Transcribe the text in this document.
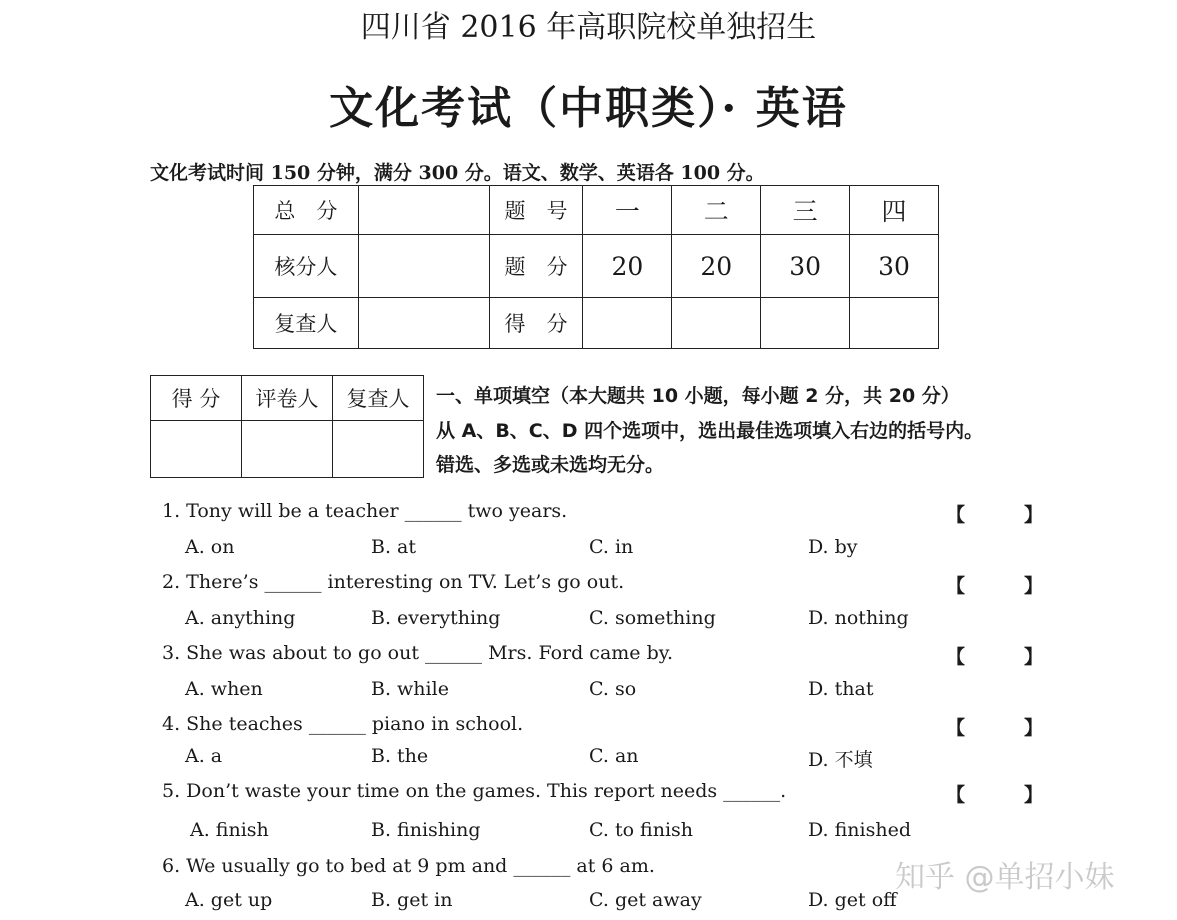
四川省 2016 年高职院校单独招生
文化考试（中职类）· 英语
文化考试时间 150 分钟，满分 300 分。语文、数学、英语各 100 分。
总　分		题　号	一	二	三	四
核分人		题　分	20	20	30	30
复查人		得　分				
得 分	评卷人	复查人
		一、单项填空（本大题共 10 小题，每小题 2 分，共 20 分）
从 A、B、C、D 四个选项中，选出最佳选项填入右边的括号内。
错选、多选或未选均无分。
1. Tony will be a teacher ______ two years.	【	】
A. on	B. at	C. in	D. by
2. There’s ______ interesting on TV. Let’s go out.	【	】
A. anything	B. everything	C. something	D. nothing
3. She was about to go out ______ Mrs. Ford came by.	【	】
A. when	B. while	C. so	D. that
4. She teaches ______ piano in school.	【	】
A. a	B. the	C. an	D. 不填
5. Don’t waste your time on the games. This report needs ______.	【	】
A. finish	B. finishing	C. to finish	D. finished
6. We usually go to bed at 9 pm and ______ at 6 am.
A. get up	B. get in	C. get away	D. get off
知乎 @单招小妹
